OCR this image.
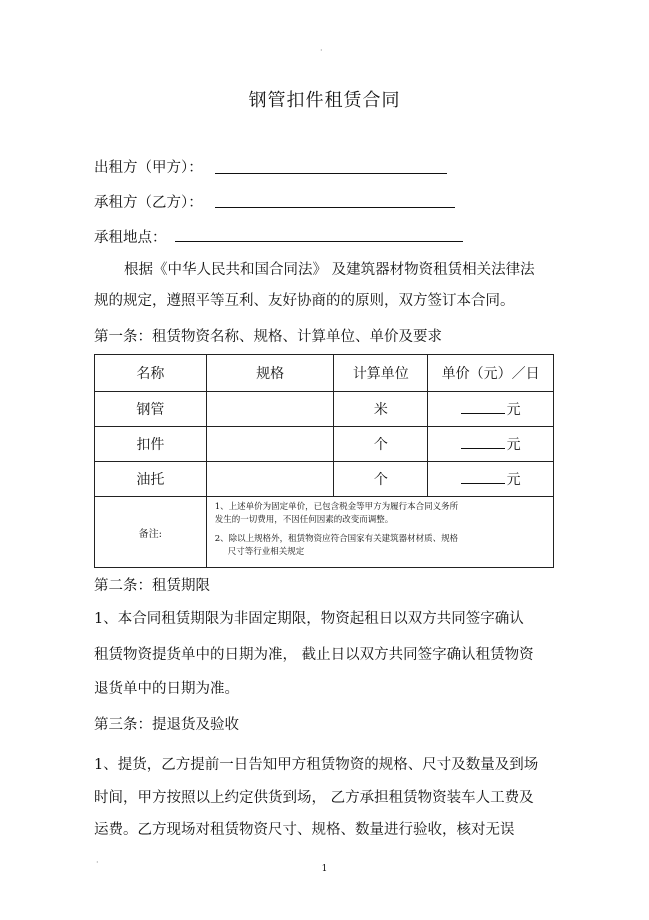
·
钢管扣件租赁合同
出租方（甲方）：
承租方（乙方）：
承租地点：
根据《中华人民共和国合同法》 及建筑器材物资租赁相关法律法
规的规定，遵照平等互利、友好协商的的原则，双方签订本合同。
第一条：租赁物资名称、规格、计算单位、单价及要求
名称	规格	计算单位	单价（元）／日
钢管		米	元
扣件		个	元
油托		个	元
备注:	1、上述单价为固定单价，已包含税金等甲方为履行本合同义务所
发生的一切费用，不因任何因素的改变而调整。
2、除以上规格外，租赁物资应符合国家有关建筑器材材质、规格
尺寸等行业相关规定		
第二条：租赁期限
1、本合同租赁期限为非固定期限，物资起租日以双方共同签字确认
租赁物资提货单中的日期为准， 截止日以双方共同签字确认租赁物资
退货单中的日期为准。
第三条：提退货及验收
1、提货，乙方提前一日告知甲方租赁物资的规格、尺寸及数量及到场
时间，甲方按照以上约定供货到场， 乙方承担租赁物资装车人工费及
运费。乙方现场对租赁物资尺寸、规格、数量进行验收，核对无误
·
1
